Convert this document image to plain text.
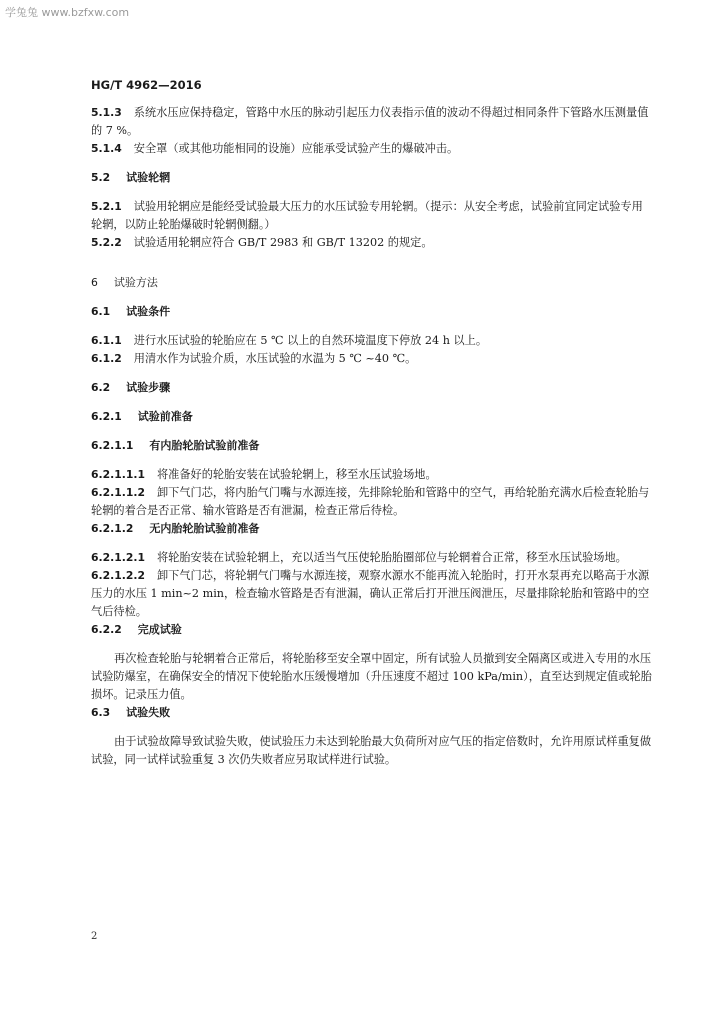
学兔兔 www.bzfxw.com
HG/T 4962—2016

5.1.3 系统水压应保持稳定，管路中水压的脉动引起压力仪表指示值的波动不得超过相同条件下管路水压测量值的 7 %。

5.1.4 安全罩（或其他功能相同的设施）应能承受试验产生的爆破冲击。

5.2 试验轮辋

5.2.1 试验用轮辋应是能经受试验最大压力的水压试验专用轮辋。（提示：从安全考虑，试验前宜同定试验专用轮辋，以防止轮胎爆破时轮辋侧翻。）

5.2.2 试验适用轮辋应符合 GB/T 2983 和 GB/T 13202 的规定。

6 试验方法

6.1 试验条件

6.1.1 进行水压试验的轮胎应在 5 ℃ 以上的自然环境温度下停放 24 h 以上。

6.1.2 用清水作为试验介质，水压试验的水温为 5 ℃ ~40 ℃。

6.2 试验步骤

6.2.1 试验前准备

6.2.1.1 有内胎轮胎试验前准备

6.2.1.1.1 将准备好的轮胎安装在试验轮辋上，移至水压试验场地。

6.2.1.1.2 卸下气门芯，将内胎气门嘴与水源连接，先排除轮胎和管路中的空气，再给轮胎充满水后检查轮胎与轮辋的着合是否正常、输水管路是否有泄漏，检查正常后待检。

6.2.1.2 无内胎轮胎试验前准备

6.2.1.2.1 将轮胎安装在试验轮辋上，充以适当气压使轮胎胎圈部位与轮辋着合正常，移至水压试验场地。

6.2.1.2.2 卸下气门芯，将轮辋气门嘴与水源连接，观察水源水不能再流入轮胎时，打开水泵再充以略高于水源压力的水压 1 min~2 min，检查输水管路是否有泄漏，确认正常后打开泄压阀泄压，尽量排除轮胎和管路中的空气后待检。

6.2.2 完成试验

再次检查轮胎与轮辋着合正常后，将轮胎移至安全罩中固定，所有试验人员撤到安全隔离区或进入专用的水压试验防爆室，在确保安全的情况下使轮胎水压缓慢增加（升压速度不超过 100 kPa/min），直至达到规定值或轮胎损坏。记录压力值。

6.3 试验失败

由于试验故障导致试验失败，使试验压力未达到轮胎最大负荷所对应气压的指定倍数时，允许用原试样重复做试验，同一试样试验重复 3 次仍失败者应另取试样进行试验。

2
